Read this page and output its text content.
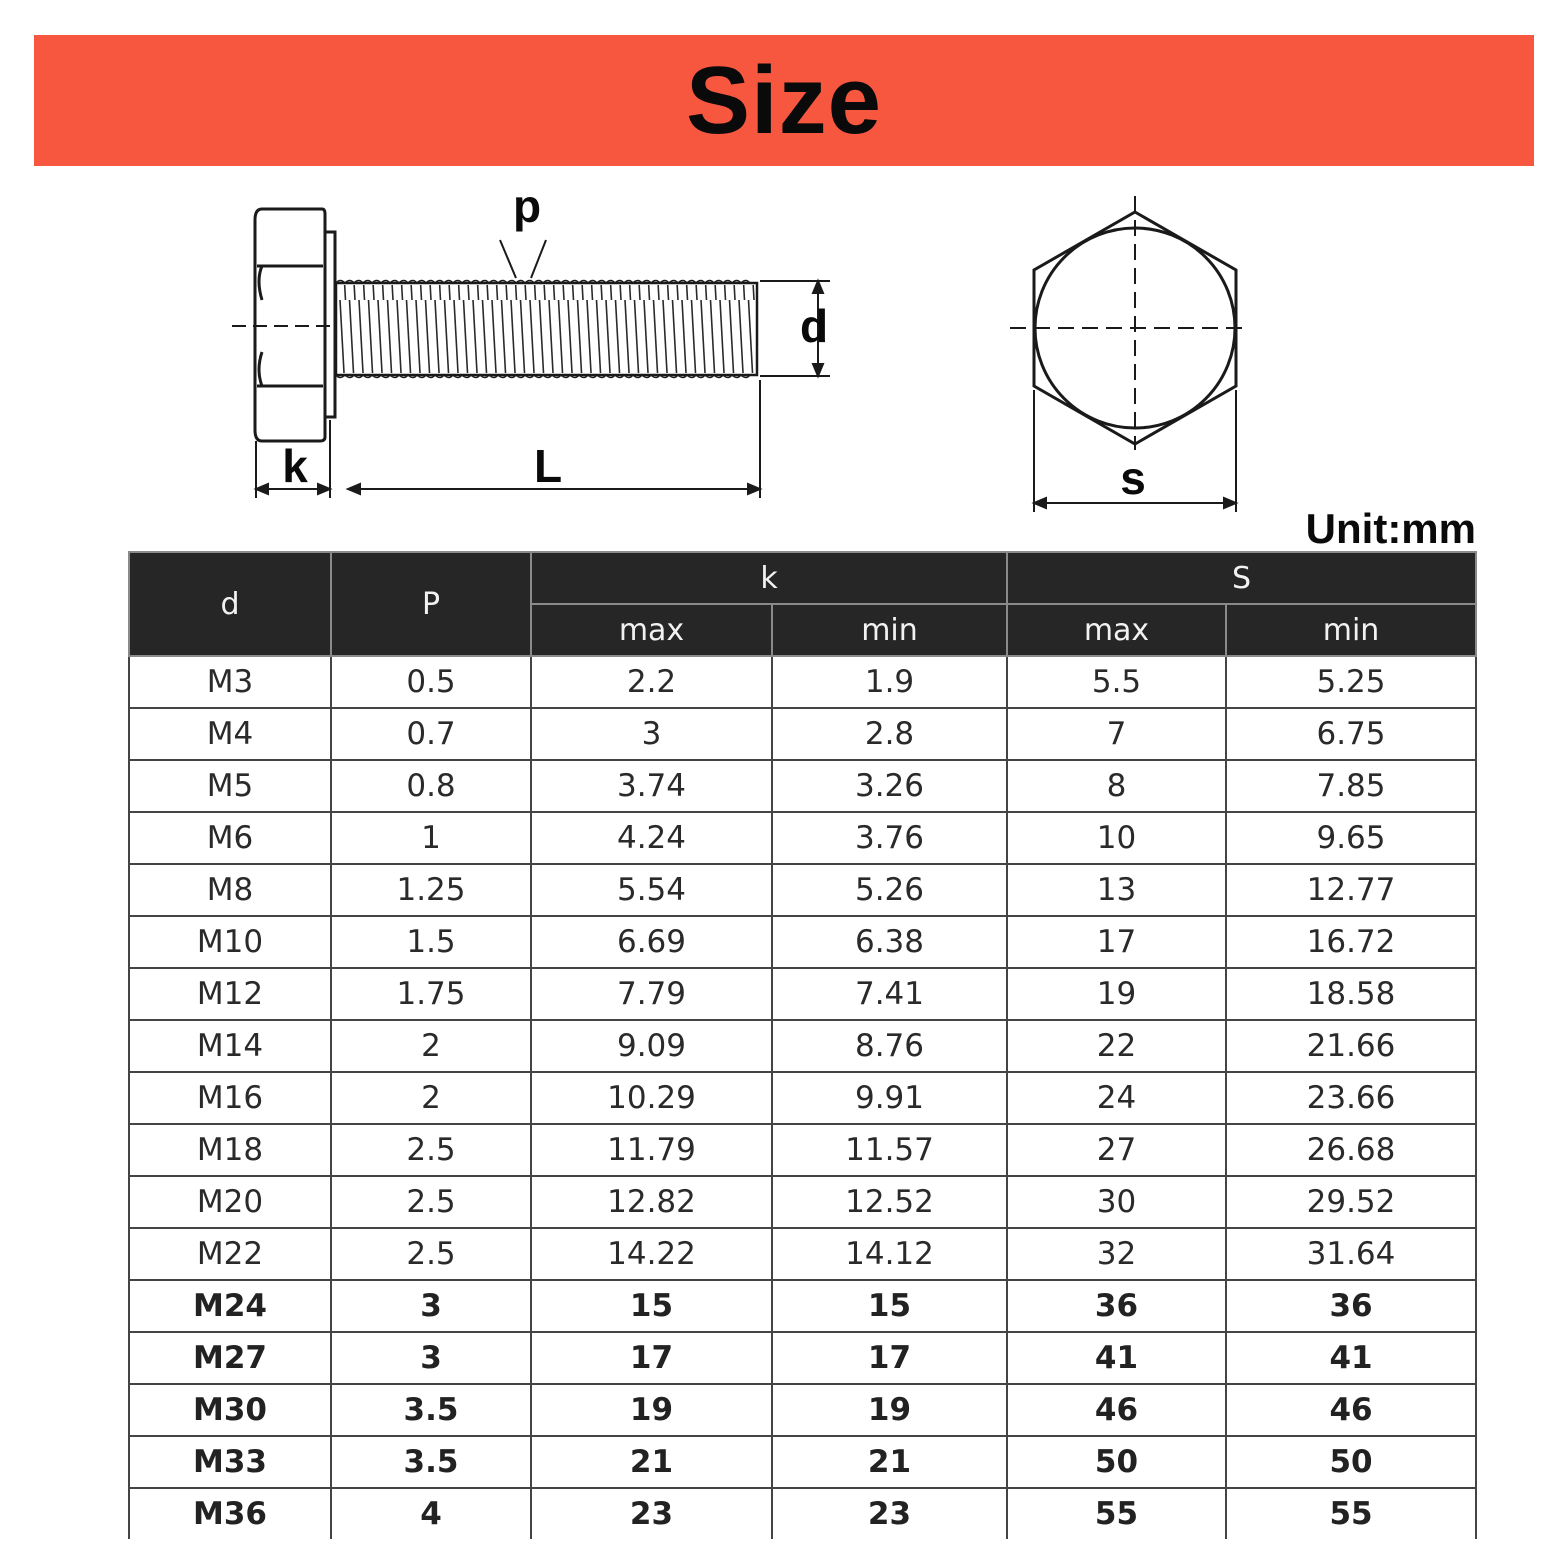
Size
p
d
k	L	s
Unit:mm
d	P	k		S	
		max	min	max	min
M3	0.5	2.2	1.9	5.5	5.25
M4	0.7	3	2.8	7	6.75
M5	0.8	3.74	3.26	8	7.85
M6	1	4.24	3.76	10	9.65
M8	1.25	5.54	5.26	13	12.77
M10	1.5	6.69	6.38	17	16.72
M12	1.75	7.79	7.41	19	18.58
M14	2	9.09	8.76	22	21.66
M16	2	10.29	9.91	24	23.66
M18	2.5	11.79	11.57	27	26.68
M20	2.5	12.82	12.52	30	29.52
M22	2.5	14.22	14.12	32	31.64
M24	3	15	15	36	36
M27	3	17	17	41	41
M30	3.5	19	19	46	46
M33	3.5	21	21	50	50
M36	4	23	23	55	55
